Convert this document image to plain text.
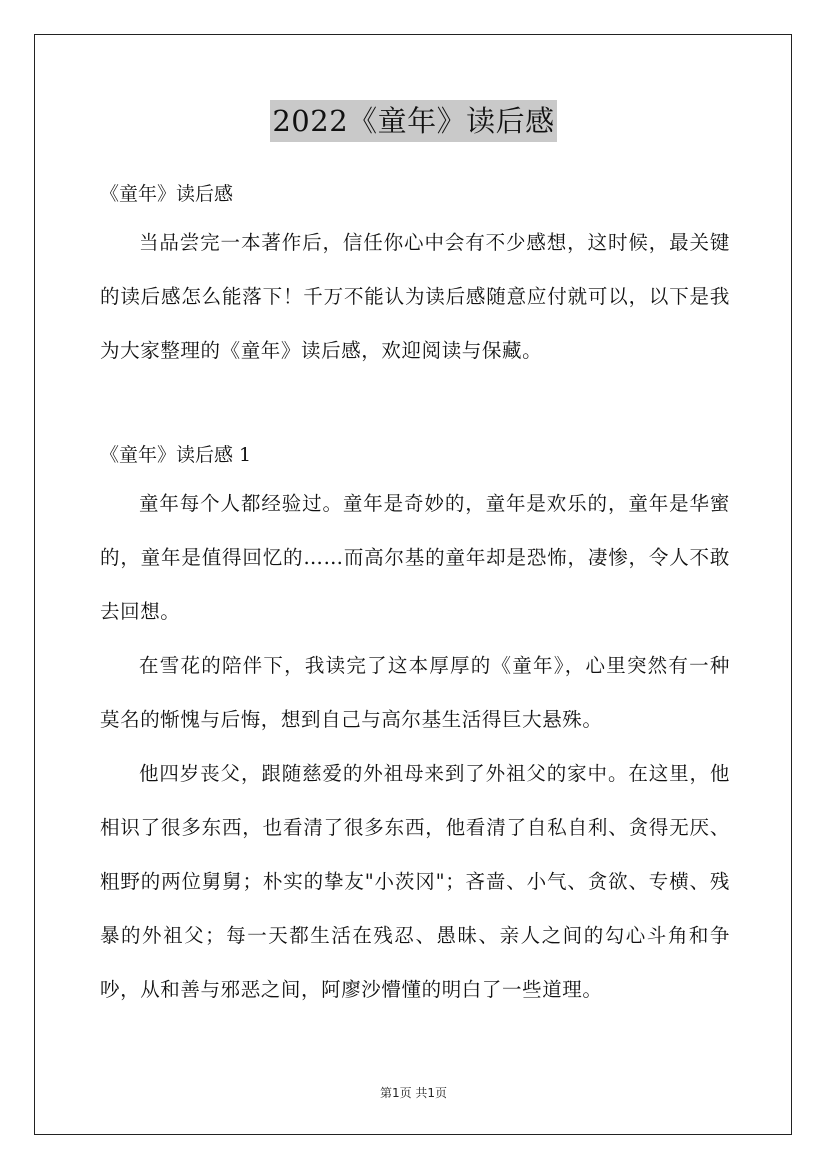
2022《童年》读后感

《童年》读后感

当品尝完一本著作后，信任你心中会有不少感想，这时候，最关键的读后感怎么能落下！千万不能认为读后感随意应付就可以，以下是我为大家整理的《童年》读后感，欢迎阅读与保藏。

《童年》读后感 1

童年每个人都经验过。童年是奇妙的，童年是欢乐的，童年是华蜜的，童年是值得回忆的……而高尔基的童年却是恐怖，凄惨，令人不敢去回想。

在雪花的陪伴下，我读完了这本厚厚的《童年》，心里突然有一种莫名的惭愧与后悔，想到自己与高尔基生活得巨大悬殊。

他四岁丧父，跟随慈爱的外祖母来到了外祖父的家中。在这里，他相识了很多东西，也看清了很多东西，他看清了自私自利、贪得无厌、粗野的两位舅舅；朴实的挚友"小茨冈"；吝啬、小气、贪欲、专横、残暴的外祖父；每一天都生活在残忍、愚昧、亲人之间的勾心斗角和争吵，从和善与邪恶之间，阿廖沙懵懂的明白了一些道理。

第1页 共1页
